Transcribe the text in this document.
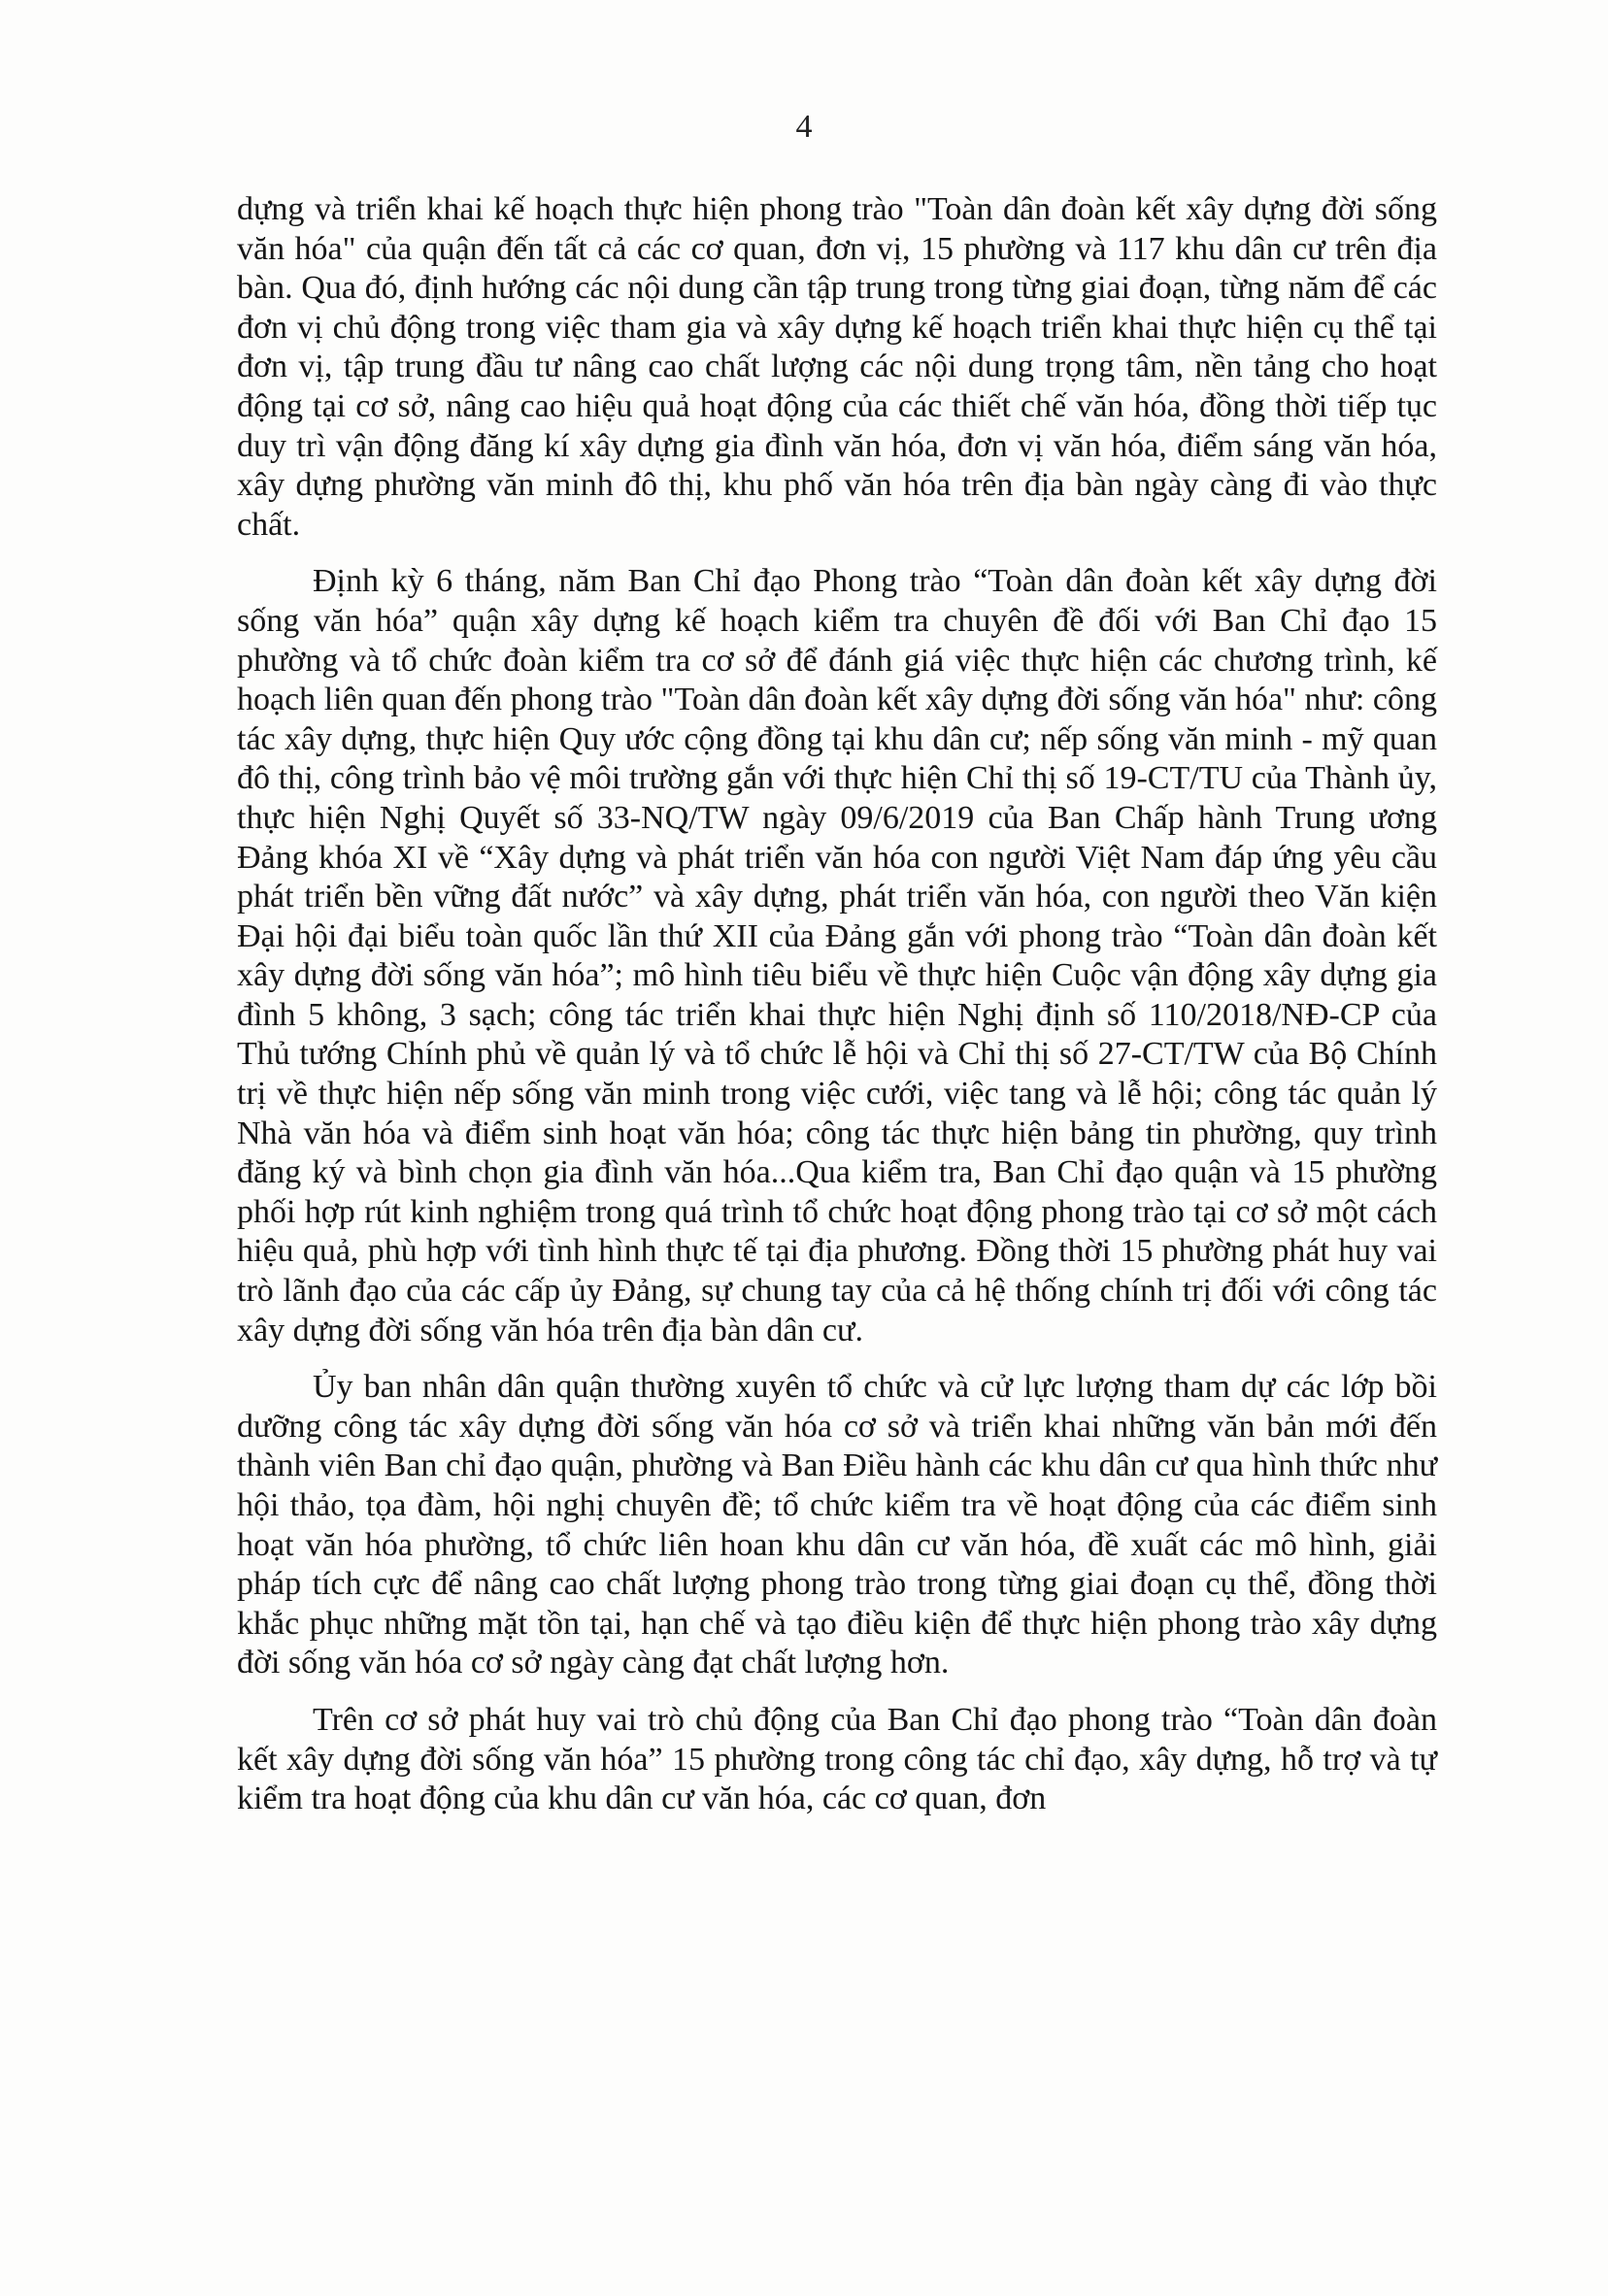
4

dựng và triển khai kế hoạch thực hiện phong trào "Toàn dân đoàn kết xây dựng đời sống văn hóa" của quận đến tất cả các cơ quan, đơn vị, 15 phường và 117 khu dân cư trên địa bàn. Qua đó, định hướng các nội dung cần tập trung trong từng giai đoạn, từng năm để các đơn vị chủ động trong việc tham gia và xây dựng kế hoạch triển khai thực hiện cụ thể tại đơn vị, tập trung đầu tư nâng cao chất lượng các nội dung trọng tâm, nền tảng cho hoạt động tại cơ sở, nâng cao hiệu quả hoạt động của các thiết chế văn hóa, đồng thời tiếp tục duy trì vận động đăng kí xây dựng gia đình văn hóa, đơn vị văn hóa, điểm sáng văn hóa, xây dựng phường văn minh đô thị, khu phố văn hóa trên địa bàn ngày càng đi vào thực chất.

Định kỳ 6 tháng, năm Ban Chỉ đạo Phong trào “Toàn dân đoàn kết xây dựng đời sống văn hóa” quận xây dựng kế hoạch kiểm tra chuyên đề đối với Ban Chỉ đạo 15 phường và tổ chức đoàn kiểm tra cơ sở để đánh giá việc thực hiện các chương trình, kế hoạch liên quan đến phong trào "Toàn dân đoàn kết xây dựng đời sống văn hóa" như: công tác xây dựng, thực hiện Quy ước cộng đồng tại khu dân cư; nếp sống văn minh - mỹ quan đô thị, công trình bảo vệ môi trường gắn với thực hiện Chỉ thị số 19-CT/TU của Thành ủy, thực hiện Nghị Quyết số 33-NQ/TW ngày 09/6/2019 của Ban Chấp hành Trung ương Đảng khóa XI về “Xây dựng và phát triển văn hóa con người Việt Nam đáp ứng yêu cầu phát triển bền vững đất nước” và xây dựng, phát triển văn hóa, con người theo Văn kiện Đại hội đại biểu toàn quốc lần thứ XII của Đảng gắn với phong trào “Toàn dân đoàn kết xây dựng đời sống văn hóa”; mô hình tiêu biểu về thực hiện Cuộc vận động xây dựng gia đình 5 không, 3 sạch; công tác triển khai thực hiện Nghị định số 110/2018/NĐ-CP của Thủ tướng Chính phủ về quản lý và tổ chức lễ hội và Chỉ thị số 27-CT/TW của Bộ Chính trị về thực hiện nếp sống văn minh trong việc cưới, việc tang và lễ hội; công tác quản lý Nhà văn hóa và điểm sinh hoạt văn hóa; công tác thực hiện bảng tin phường, quy trình đăng ký và bình chọn gia đình văn hóa...Qua kiểm tra, Ban Chỉ đạo quận và 15 phường phối hợp rút kinh nghiệm trong quá trình tổ chức hoạt động phong trào tại cơ sở một cách hiệu quả, phù hợp với tình hình thực tế tại địa phương. Đồng thời 15 phường phát huy vai trò lãnh đạo của các cấp ủy Đảng, sự chung tay của cả hệ thống chính trị đối với công tác xây dựng đời sống văn hóa trên địa bàn dân cư.

Ủy ban nhân dân quận thường xuyên tổ chức và cử lực lượng tham dự các lớp bồi dưỡng công tác xây dựng đời sống văn hóa cơ sở và triển khai những văn bản mới đến thành viên Ban chỉ đạo quận, phường và Ban Điều hành các khu dân cư qua hình thức như hội thảo, tọa đàm, hội nghị chuyên đề; tổ chức kiểm tra về hoạt động của các điểm sinh hoạt văn hóa phường, tổ chức liên hoan khu dân cư văn hóa, đề xuất các mô hình, giải pháp tích cực để nâng cao chất lượng phong trào trong từng giai đoạn cụ thể, đồng thời khắc phục những mặt tồn tại, hạn chế và tạo điều kiện để thực hiện phong trào xây dựng đời sống văn hóa cơ sở ngày càng đạt chất lượng hơn.

Trên cơ sở phát huy vai trò chủ động của Ban Chỉ đạo phong trào “Toàn dân đoàn kết xây dựng đời sống văn hóa” 15 phường trong công tác chỉ đạo, xây dựng, hỗ trợ và tự kiểm tra hoạt động của khu dân cư văn hóa, các cơ quan, đơn
